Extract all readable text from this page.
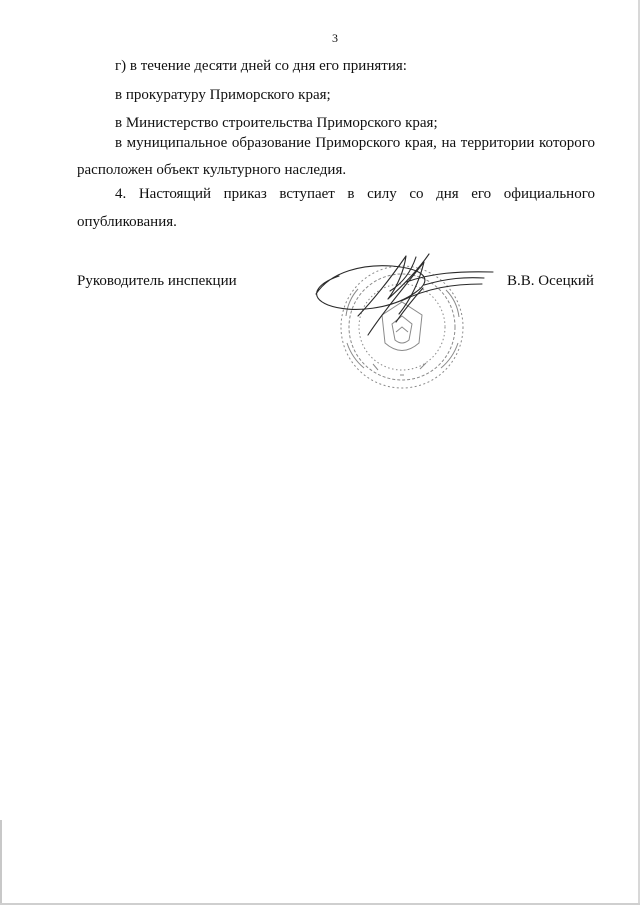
3
г) в течение десяти дней со дня его принятия:
в прокуратуру Приморского края;
в Министерство строительства Приморского края;
в муниципальное образование Приморского края, на территории которого
расположен объект культурного наследия.
4. Настоящий приказ вступает в силу со дня его официального
опубликования.
Руководитель инспекции	В.В. Осецкий
